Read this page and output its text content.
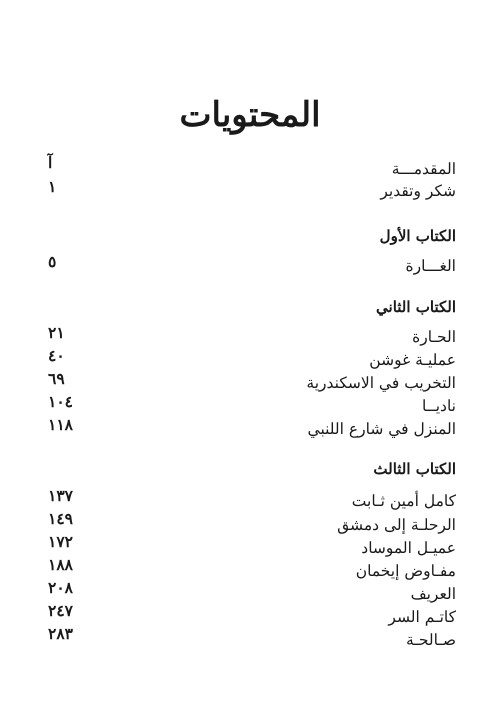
المحتويات
المقدمـــة
آ
شكر وتقدير
١
الكتاب الأول
الغـــارة
٥
الكتاب الثاني
الحـارة
٢١
عمليـة غوشن
٤٠
التخريب في الاسكندرية
٦٩
ناديــا
١٠٤
المنزل في شارع اللنبي
١١٨
الكتاب الثالث
كامل أمين ثـابت
١٣٧
الرحلـة إلى دمشق
١٤٩
عميـل الموساد
١٧٢
مفـاوض إيخمان
١٨٨
العريف
٢٠٨
كاتـم السر
٢٤٧
صـالحـة
٢٨٣
